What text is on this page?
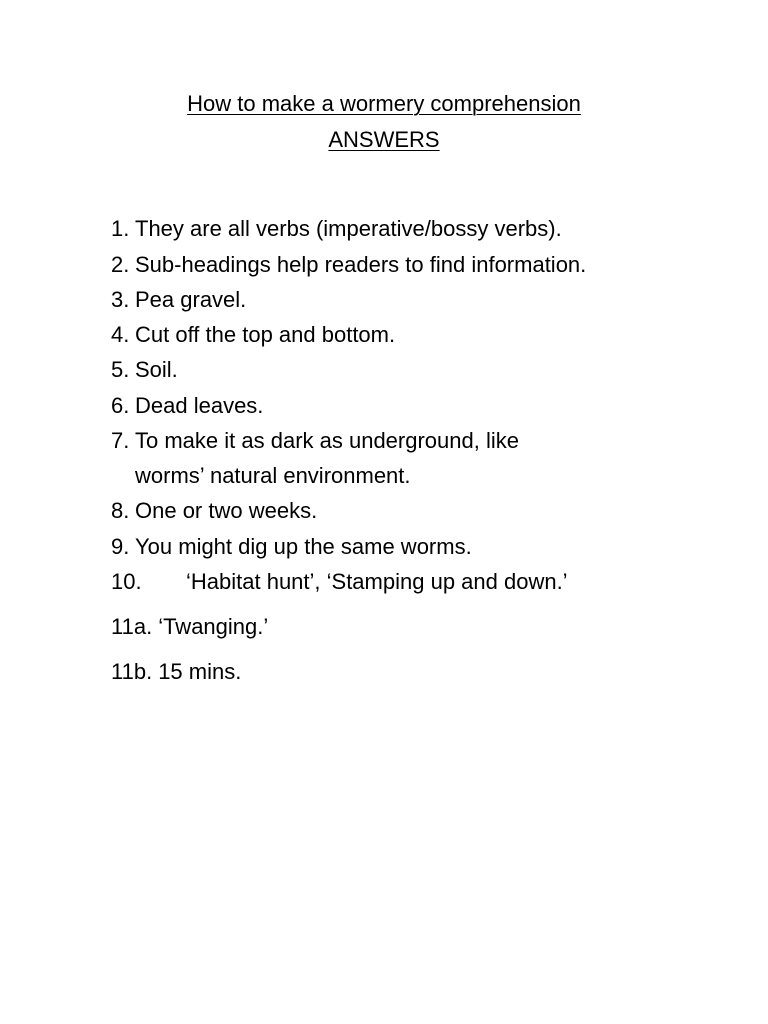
How to make a wormery comprehension
ANSWERS
1. They are all verbs (imperative/bossy verbs).
2. Sub-headings help readers to find information.
3. Pea gravel.
4. Cut off the top and bottom.
5. Soil.
6. Dead leaves.
7. To make it as dark as underground, like
worms’ natural environment.
8. One or two weeks.
9. You might dig up the same worms.
10. ‘Habitat hunt’, ‘Stamping up and down.’
11a. ‘Twanging.’
11b. 15 mins.
